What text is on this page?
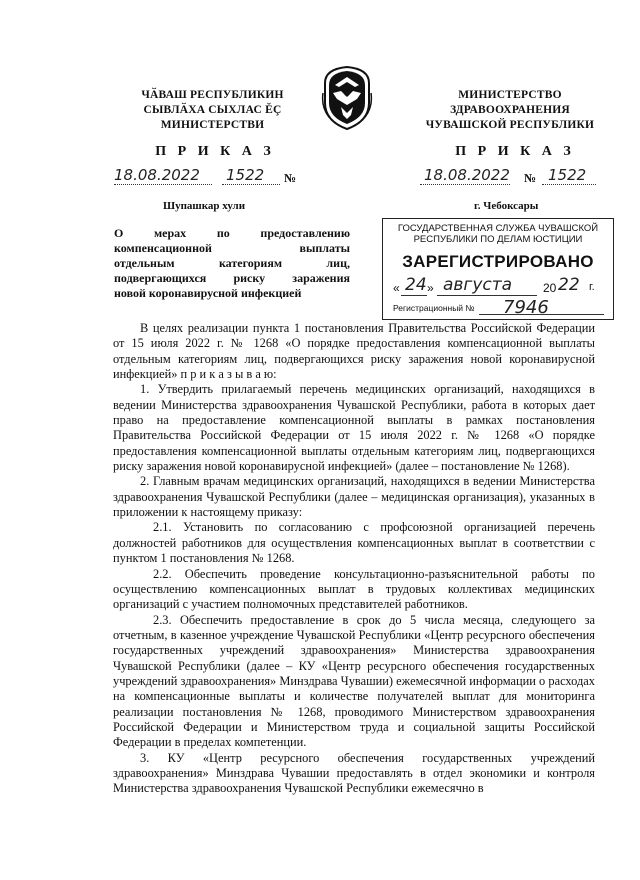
ЧӐВАШ РЕСПУБЛИКИН
СЫВЛӐХА СЫХЛАС ĔÇ
МИНИСТЕРСТВИ
МИНИСТЕРСТВО
ЗДРАВООХРАНЕНИЯ
ЧУВАШСКОЙ РЕСПУБЛИКИ
П Р И К А З	П Р И К А З
18.08.2022 1522 №	18.08.2022 № 1522
Шупашкар хули	г. Чебоксары
О мерах по предоставлению
компенсационной выплаты
отдельным категориям лиц,
подвергающихся риску заражения
новой коронавирусной инфекцией
ГОСУДАРСТВЕННАЯ СЛУЖБА ЧУВАШСКОЙ
РЕСПУБЛИКИ ПО ДЕЛАМ ЮСТИЦИИ
ЗАРЕГИСТРИРОВАНО
« 24 » августа	20 22 г.
Регистрационный № 7946

В целях реализации пункта 1 постановления Правительства Российской Федерации от 15 июля 2022 г. № 1268 «О порядке предоставления компенсационной выплаты отдельным категориям лиц, подвергающихся риску заражения новой коронавирусной инфекцией» п р и к а з ы в а ю:

1. Утвердить прилагаемый перечень медицинских организаций, находящихся в ведении Министерства здравоохранения Чувашской Республики, работа в которых дает право на предоставление компенсационной выплаты в рамках постановления Правительства Российской Федерации от 15 июля 2022 г. № 1268 «О порядке предоставления компенсационной выплаты отдельным категориям лиц, подвергающихся риску заражения новой коронавирусной инфекцией» (далее – постановление № 1268).

2. Главным врачам медицинских организаций, находящихся в ведении Министерства здравоохранения Чувашской Республики (далее – медицинская организация), указанных в приложении к настоящему приказу:

2.1. Установить по согласованию с профсоюзной организацией перечень должностей работников для осуществления компенсационных выплат в соответствии с пунктом 1 постановления № 1268.

2.2. Обеспечить проведение консультационно-разъяснительной работы по осуществлению компенсационных выплат в трудовых коллективах медицинских организаций с участием полномочных представителей работников.

2.3. Обеспечить предоставление в срок до 5 числа месяца, следующего за отчетным, в казенное учреждение Чувашской Республики «Центр ресурсного обеспечения государственных учреждений здравоохранения» Министерства здравоохранения Чувашской Республики (далее – КУ «Центр ресурсного обеспечения государственных учреждений здравоохранения» Минздрава Чувашии) ежемесячной информации о расходах на компенсационные выплаты и количестве получателей выплат для мониторинга реализации постановления № 1268, проводимого Министерством здравоохранения Российской Федерации и Министерством труда и социальной защиты Российской Федерации в пределах компетенции.

3. КУ «Центр ресурсного обеспечения государственных учреждений здравоохранения» Минздрава Чувашии предоставлять в отдел экономики и контроля Министерства здравоохранения Чувашской Республики ежемесячно в
